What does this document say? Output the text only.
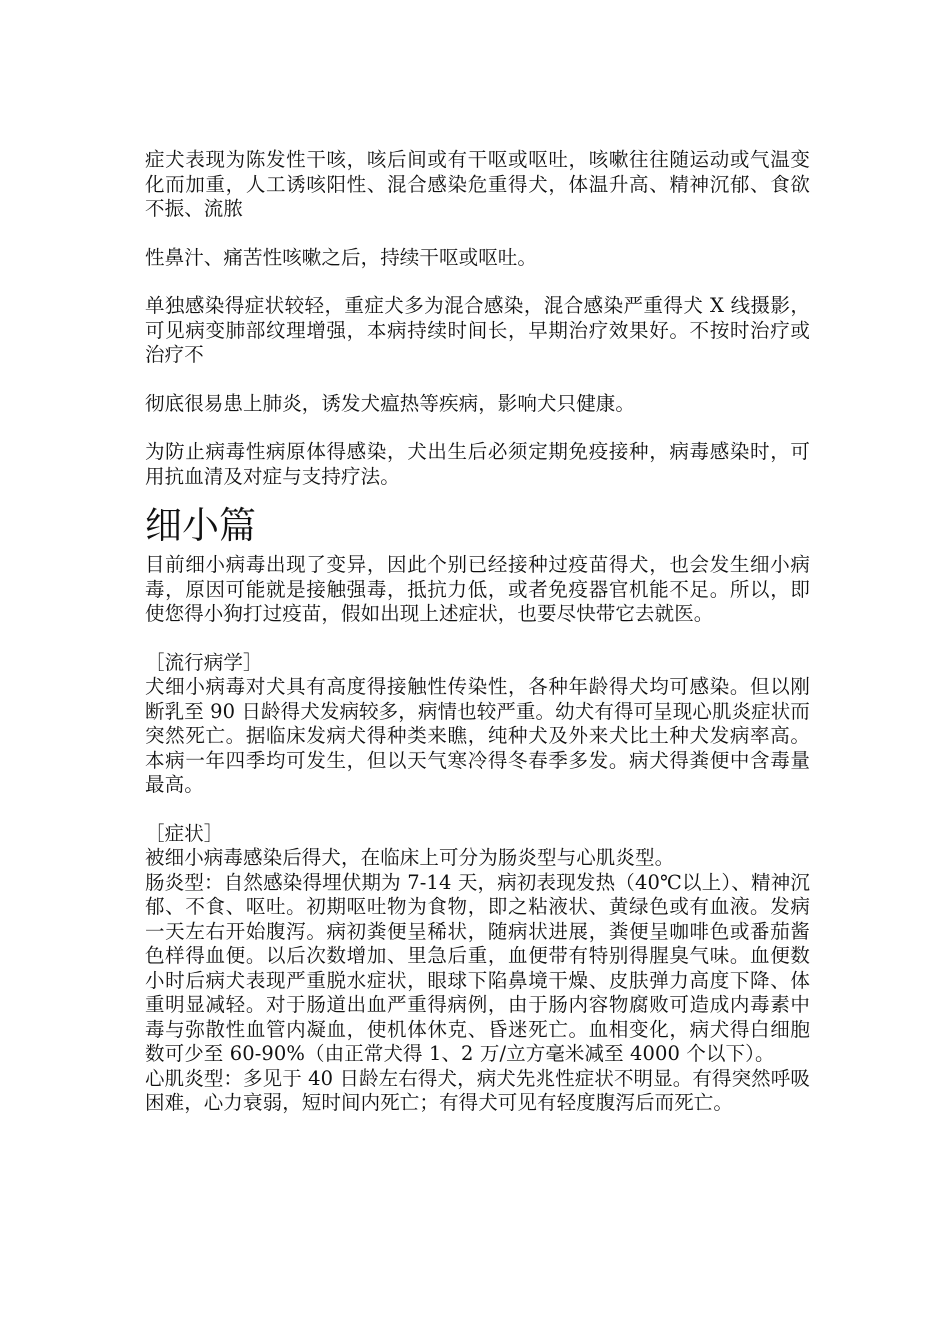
症犬表现为陈发性干咳，咳后间或有干呕或呕吐，咳嗽往往随运动或气温变化而加重，人工诱咳阳性、混合感染危重得犬，体温升高、精神沉郁、食欲不振、流脓

性鼻汁、痛苦性咳嗽之后，持续干呕或呕吐。

单独感染得症状较轻，重症犬多为混合感染，混合感染严重得犬 X 线摄影，可见病变肺部纹理增强，本病持续时间长，早期治疗效果好。不按时治疗或治疗不

彻底很易患上肺炎，诱发犬瘟热等疾病，影响犬只健康。

为防止病毒性病原体得感染，犬出生后必须定期免疫接种，病毒感染时，可用抗血清及对症与支持疗法。

细小篇

目前细小病毒出现了变异，因此个别已经接种过疫苗得犬，也会发生细小病毒，原因可能就是接触强毒，抵抗力低，或者免疫器官机能不足。所以，即使您得小狗打过疫苗，假如出现上述症状，也要尽快带它去就医。

［流行病学］

犬细小病毒对犬具有高度得接触性传染性，各种年龄得犬均可感染。但以刚断乳至 90 日龄得犬发病较多，病情也较严重。幼犬有得可呈现心肌炎症状而突然死亡。据临床发病犬得种类来瞧，纯种犬及外来犬比土种犬发病率高。本病一年四季均可发生，但以天气寒冷得冬春季多发。病犬得粪便中含毒量最高。

［症状］

被细小病毒感染后得犬，在临床上可分为肠炎型与心肌炎型。

肠炎型：自然感染得埋伏期为 7-14 天，病初表现发热（40℃以上）、精神沉郁、不食、呕吐。初期呕吐物为食物，即之粘液状、黄绿色或有血液。发病一天左右开始腹泻。病初粪便呈稀状，随病状进展，粪便呈咖啡色或番茄酱色样得血便。以后次数增加、里急后重，血便带有特别得腥臭气味。血便数小时后病犬表现严重脱水症状，眼球下陷鼻境干燥、皮肤弹力高度下降、体重明显减轻。对于肠道出血严重得病例，由于肠内容物腐败可造成内毒素中毒与弥散性血管内凝血，使机体休克、昏迷死亡。血相变化，病犬得白细胞数可少至 60-90%（由正常犬得 1、2 万/立方毫米减至 4000 个以下）。

心肌炎型：多见于 40 日龄左右得犬，病犬先兆性症状不明显。有得突然呼吸困难，心力衰弱，短时间内死亡；有得犬可见有轻度腹泻后而死亡。
